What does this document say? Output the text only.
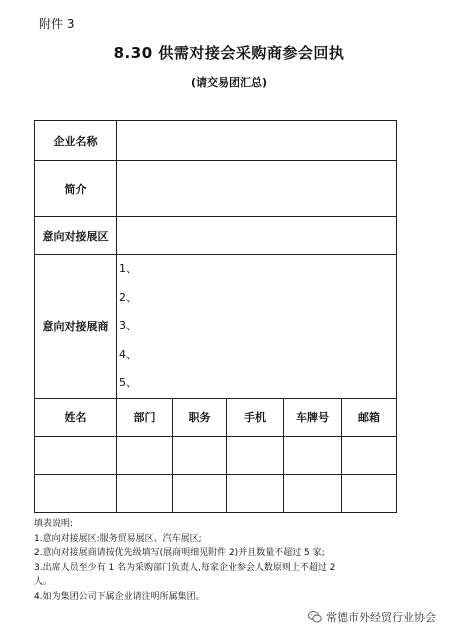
附件 3
8.30 供需对接会采购商参会回执
(请交易团汇总)
企业名称					
简介					
意向对接展区					
意向对接展商	1、
2、
3、
4、
5、				

姓名	部门	职务	手机	车牌号	邮箱

填表说明:
1.意向对接展区:服务贸易展区、汽车展区;
2.意向对接展商请按优先级填写(展商明细见附件 2)并且数量不超过 5 家;
3.出席人员至少有 1 名为采购部门负责人,每家企业参会人数原则上不超过 2
人。
4.如为集团公司下属企业请注明所属集团。
常德市外经贸行业协会
